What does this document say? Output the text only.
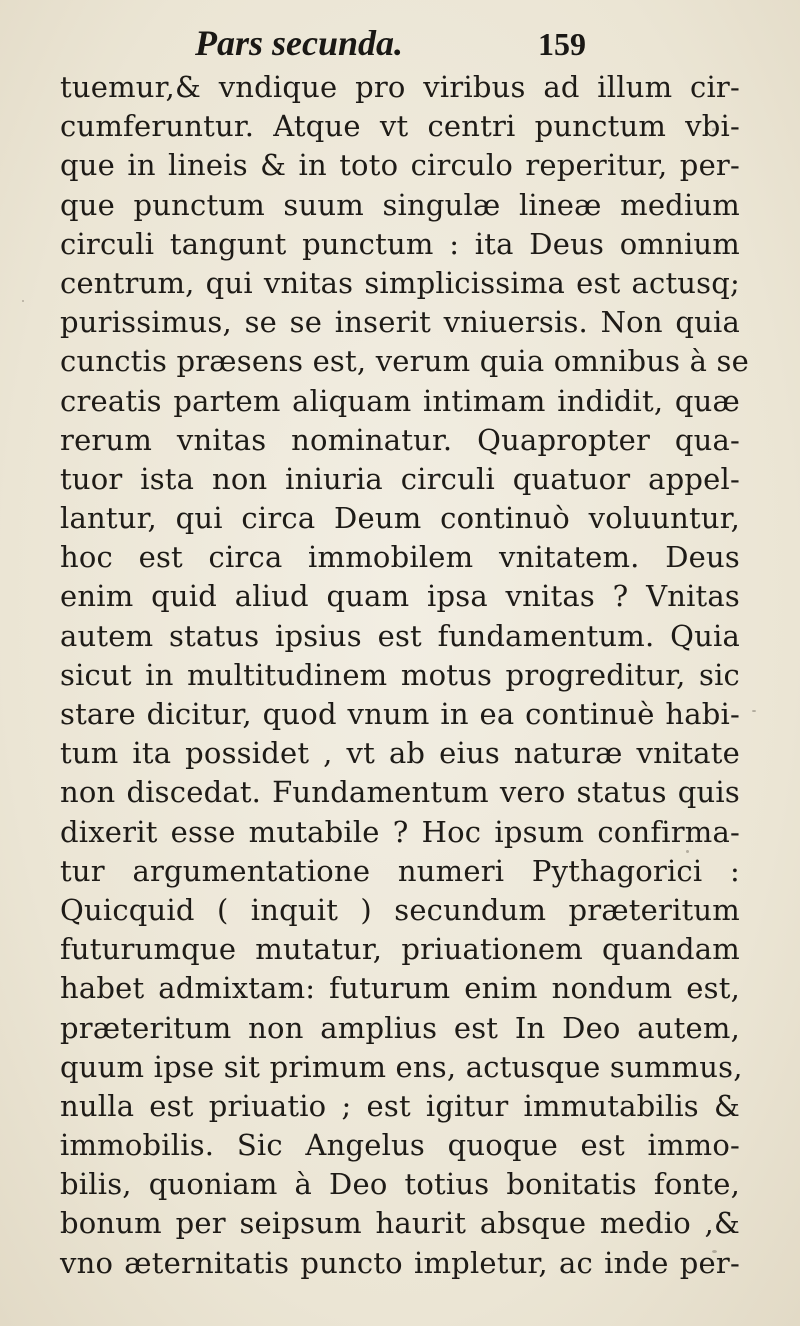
Pars secunda.	159
tuemur,& vndique pro viribus ad illum cir-
cumferuntur. Atque vt centri punctum vbi-
que in lineis & in toto circulo reperitur, per-
que punctum suum singulæ lineæ medium
circuli tangunt punctum : ita Deus omnium
centrum, qui vnitas simplicissima est actusq;
purissimus, se se inserit vniuersis. Non quia
cunctis præsens est, verum quia omnibus à se
creatis partem aliquam intimam indidit, quæ
rerum vnitas nominatur. Quapropter qua-
tuor ista non iniuria circuli quatuor appel-
lantur, qui circa Deum continuò voluuntur,
hoc est circa immobilem vnitatem. Deus
enim quid aliud quam ipsa vnitas ? Vnitas
autem status ipsius est fundamentum. Quia
sicut in multitudinem motus progreditur, sic
stare dicitur, quod vnum in ea continuè habi-
tum ita possidet , vt ab eius naturæ vnitate
non discedat. Fundamentum vero status quis
dixerit esse mutabile ? Hoc ipsum confirma-
tur argumentatione numeri Pythagorici :
Quicquid ( inquit ) secundum præteritum
futurumque mutatur, priuationem quandam
habet admixtam: futurum enim nondum est,
præteritum non amplius est In Deo autem,
quum ipse sit primum ens, actusque summus,
nulla est priuatio ; est igitur immutabilis &
immobilis. Sic Angelus quoque est immo-
bilis, quoniam à Deo totius bonitatis fonte,
bonum per seipsum haurit absque medio ,&
vno æternitatis puncto impletur, ac inde per-
